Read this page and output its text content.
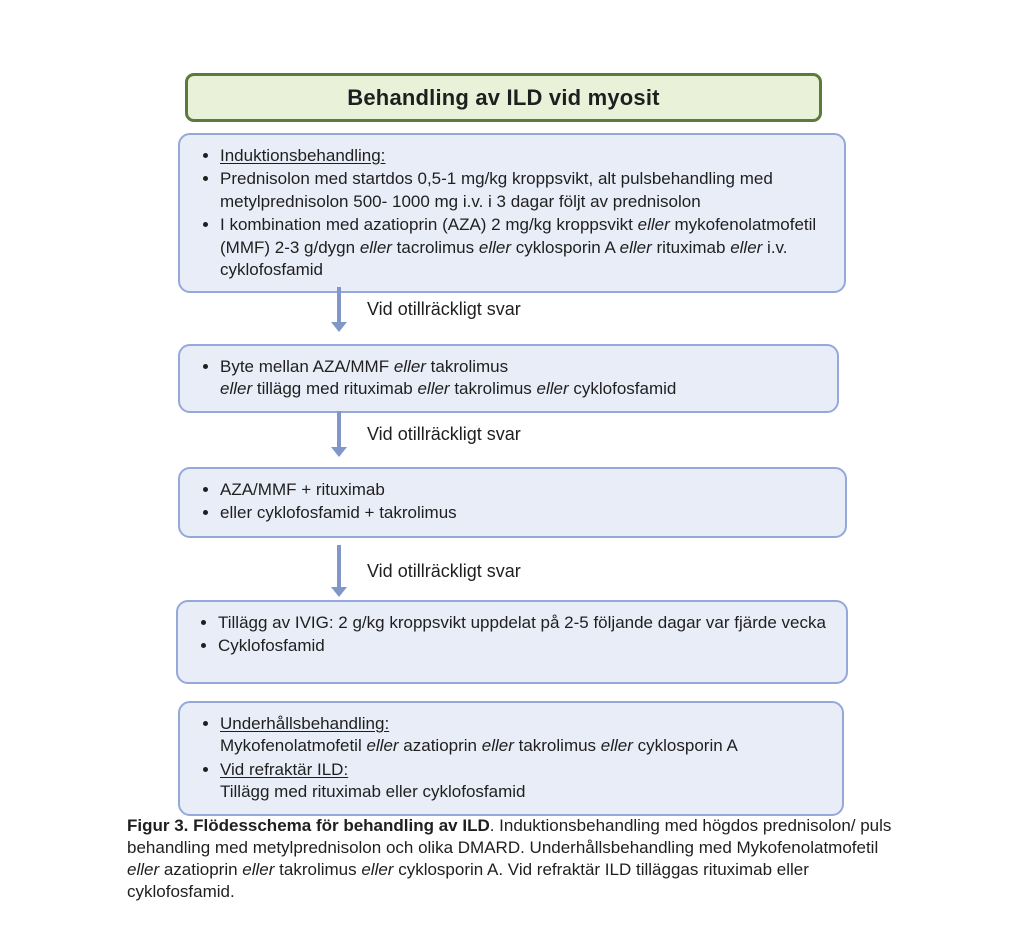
Behandling av ILD vid myosit
• Induktionsbehandling:
• Prednisolon med startdos 0,5-1 mg/kg kroppsvikt, alt pulsbehandling med metylprednisolon 500- 1000 mg i.v. i 3 dagar följt av prednisolon
• I kombination med azatioprin (AZA) 2 mg/kg kroppsvikt eller mykofenolatmofetil (MMF) 2-3 g/dygn eller tacrolimus eller cyklosporin A eller rituximab eller i.v. cyklofosfamid
Vid otillräckligt svar
• Byte mellan AZA/MMF eller takrolimus
eller tillägg med rituximab eller takrolimus eller cyklofosfamid
Vid otillräckligt svar
• AZA/MMF + rituximab
• eller cyklofosfamid + takrolimus
Vid otillräckligt svar
• Tillägg av IVIG: 2 g/kg kroppsvikt uppdelat på 2-5 följande dagar var fjärde vecka
• Cyklofosfamid
• Underhållsbehandling:
Mykofenolatmofetil eller azatioprin eller takrolimus eller cyklosporin A
• Vid refraktär ILD:
Tillägg med rituximab eller cyklofosfamid

Figur 3. Flödesschema för behandling av ILD. Induktionsbehandling med högdos prednisolon/ puls behandling med metylprednisolon och olika DMARD. Underhållsbehandling med Mykofenolatmofetil eller azatioprin eller takrolimus eller cyklosporin A. Vid refraktär ILD tilläggas rituximab eller cyklofosfamid.
